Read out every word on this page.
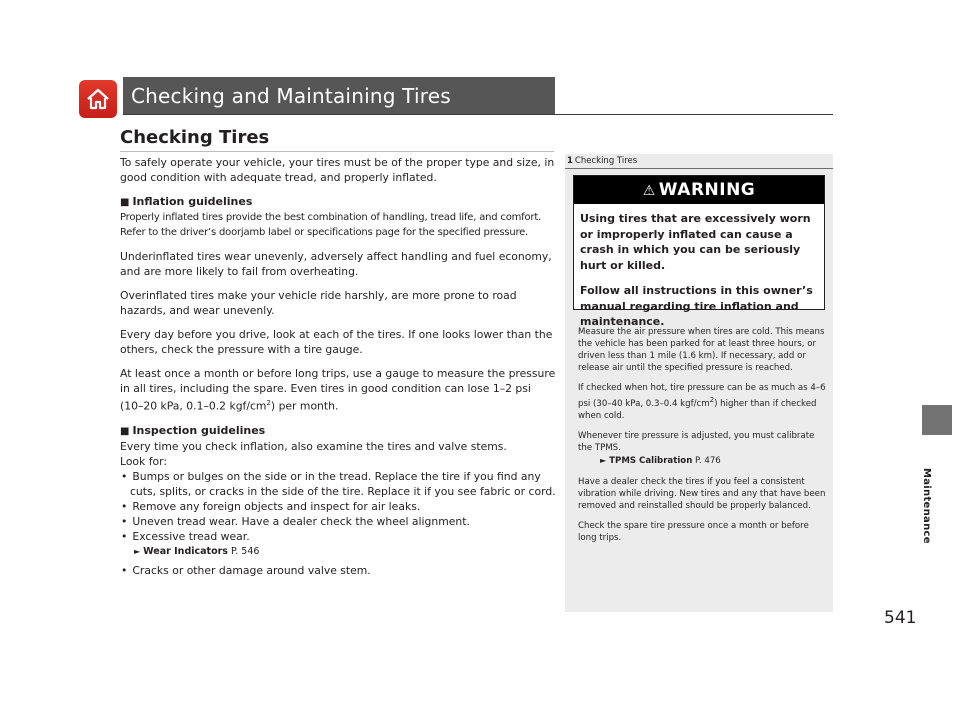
Checking and Maintaining Tires
Checking Tires

To safely operate your vehicle, your tires must be of the proper type and size, in good condition with adequate tread, and properly inflated.

■ Inflation guidelines

Properly inflated tires provide the best combination of handling, tread life, and comfort. Refer to the driver’s doorjamb label or specifications page for the specified pressure.

Underinflated tires wear unevenly, adversely affect handling and fuel economy, and are more likely to fail from overheating.

Overinflated tires make your vehicle ride harshly, are more prone to road hazards, and wear unevenly.

Every day before you drive, look at each of the tires. If one looks lower than the others, check the pressure with a tire gauge.

At least once a month or before long trips, use a gauge to measure the pressure in all tires, including the spare. Even tires in good condition can lose 1–2 psi (10–20 kPa, 0.1–0.2 kgf/$cm^2$) per month.

■ Inspection guidelines
Every time you check inflation, also examine the tires and valve stems.
Look for:
• Bumps or bulges on the side or in the tread. Replace the tire if you find any cuts, splits, or cracks in the side of the tire. Replace it if you see fabric or cord.
• Remove any foreign objects and inspect for air leaks.
• Uneven tread wear. Have a dealer check the wheel alignment.
• Excessive tread wear.
► Wear Indicators P. 546
• Cracks or other damage around valve stem.
1 Checking Tires
⚠ WARNING

Using tires that are excessively worn or improperly inflated can cause a crash in which you can be seriously hurt or killed.

Follow all instructions in this owner’s manual regarding tire inflation and maintenance.

Measure the air pressure when tires are cold. This means the vehicle has been parked for at least three hours, or driven less than 1 mile (1.6 km). If necessary, add or release air until the specified pressure is reached.

If checked when hot, tire pressure can be as much as 4–6 psi (30–40 kPa, 0.3–0.4 kgf/$cm^2$) higher than if checked when cold.

Whenever tire pressure is adjusted, you must calibrate the TPMS.
► TPMS Calibration P. 476

Have a dealer check the tires if you feel a consistent vibration while driving. New tires and any that have been removed and reinstalled should be properly balanced.

Check the spare tire pressure once a month or before long trips.	Maintenance
541
